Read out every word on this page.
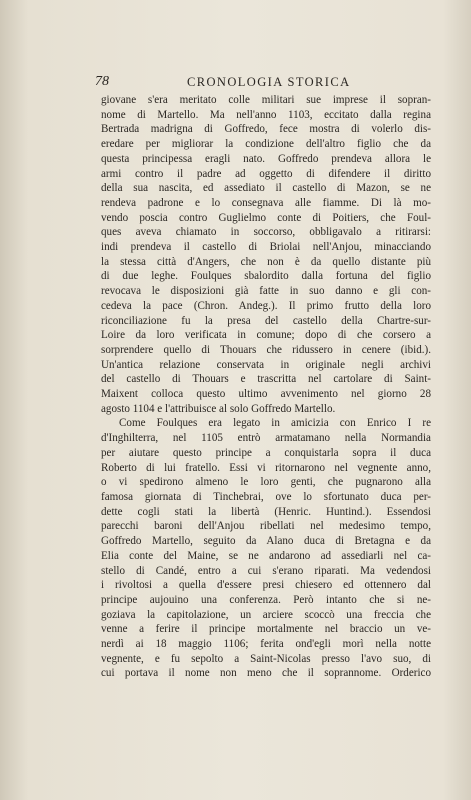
78	CRONOLOGIA STORICA
giovane s'era meritato colle militari sue imprese il sopran-
nome di Martello. Ma nell'anno 1103, eccitato dalla regina
Bertrada madrigna di Goffredo, fece mostra di volerlo dis-
eredare per migliorar la condizione dell'altro figlio che da
questa principessa eragli nato. Goffredo prendeva allora le
armi contro il padre ad oggetto di difendere il diritto
della sua nascita, ed assediato il castello di Mazon, se ne
rendeva padrone e lo consegnava alle fiamme. Di là mo-
vendo poscia contro Guglielmo conte di Poitiers, che Foul-
ques aveva chiamato in soccorso, obbligavalo a ritirarsi:
indi prendeva il castello di Briolai nell'Anjou, minacciando
la stessa città d'Angers, che non è da quello distante più
di due leghe. Foulques sbalordito dalla fortuna del figlio
revocava le disposizioni già fatte in suo danno e gli con-
cedeva la pace (Chron. Andeg.). Il primo frutto della loro
riconciliazione fu la presa del castello della Chartre-sur-
Loire da loro verificata in comune; dopo di che corsero a
sorprendere quello di Thouars che ridussero in cenere (ibid.).
Un'antica relazione conservata in originale negli archivi
del castello di Thouars e trascritta nel cartolare di Saint-
Maixent colloca questo ultimo avvenimento nel giorno 28
agosto 1104 e l'attribuisce al solo Goffredo Martello.
Come Foulques era legato in amicizia con Enrico I re
d'Inghilterra, nel 1105 entrò armatamano nella Normandia
per aiutare questo principe a conquistarla sopra il duca
Roberto di lui fratello. Essi vi ritornarono nel vegnente anno,
o vi spedirono almeno le loro genti, che pugnarono alla
famosa giornata di Tinchebrai, ove lo sfortunato duca per-
dette cogli stati la libertà (Henric. Huntind.). Essendosi
parecchi baroni dell'Anjou ribellati nel medesimo tempo,
Goffredo Martello, seguito da Alano duca di Bretagna e da
Elia conte del Maine, se ne andarono ad assediarli nel ca-
stello di Candé, entro a cui s'erano riparati. Ma vedendosi
i rivoltosi a quella d'essere presi chiesero ed ottennero dal
principe aujouino una conferenza. Però intanto che si ne-
goziava la capitolazione, un arciere scoccò una freccia che
venne a ferire il principe mortalmente nel braccio un ve-
nerdì ai 18 maggio 1106; ferita ond'egli morì nella notte
vegnente, e fu sepolto a Saint-Nicolas presso l'avo suo, di
cui portava il nome non meno che il soprannome. Orderico
